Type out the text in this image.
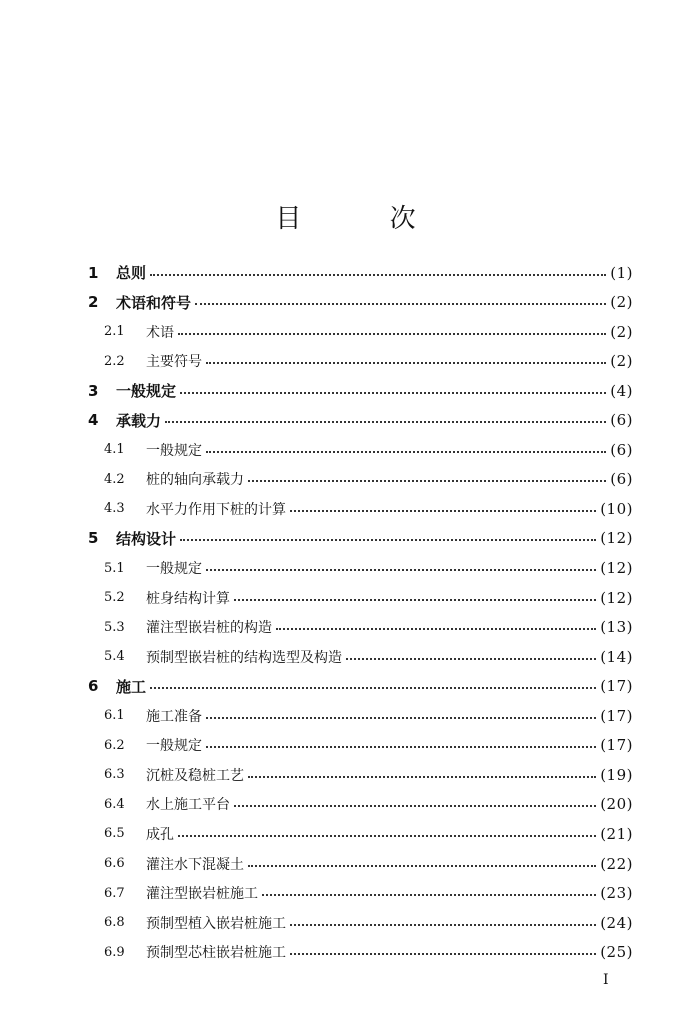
目 次
1 总则	(1)
2 术语和符号	(2)
2.1 术语	(2)
2.2 主要符号	(2)
3 一般规定	(4)
4 承载力	(6)
4.1 一般规定	(6)
4.2 桩的轴向承载力	(6)
4.3 水平力作用下桩的计算	(10)
5 结构设计	(12)
5.1 一般规定	(12)
5.2 桩身结构计算	(12)
5.3 灌注型嵌岩桩的构造	(13)
5.4 预制型嵌岩桩的结构选型及构造	(14)
6 施工	(17)
6.1 施工准备	(17)
6.2 一般规定	(17)
6.3 沉桩及稳桩工艺	(19)
6.4 水上施工平台	(20)
6.5 成孔	(21)
6.6 灌注水下混凝土	(22)
6.7 灌注型嵌岩桩施工	(23)
6.8 预制型植入嵌岩桩施工	(24)
6.9 预制型芯柱嵌岩桩施工	(25)
I
